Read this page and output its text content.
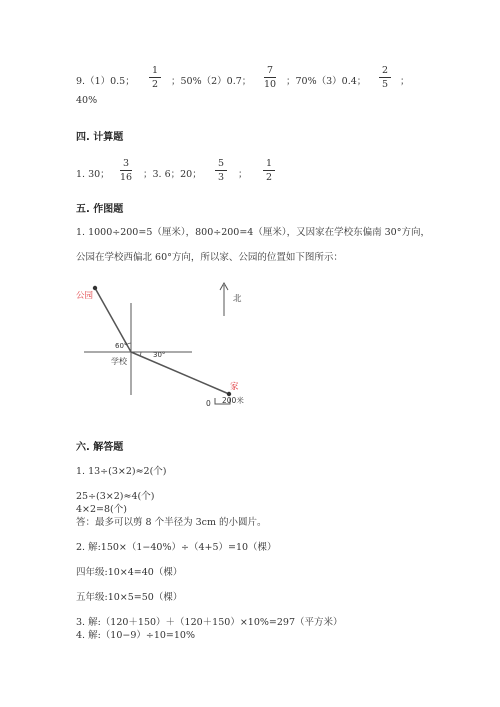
9.（1）0.5；
1
2	；50%（2）0.7；
7
10 ；70%（3）0.4；
2
5	；
40%
四. 计算题
1. 30；
3
16 ；3. 6；20；
5
3	；
1
2
五. 作图题
1. 1000÷200=5（厘米），800÷200=4（厘米），又因家在学校东偏南 30°方向，
公园在学校西偏北 60°方向，所以家、公园的位置如下图所示：
公园	北
60°
30°
学校
家
0 200米
六. 解答题
1. 13÷(3×2)≈2(个)
25÷(3×2)≈4(个)
4×2=8(个)
答：最多可以剪 8 个半径为 3cm 的小圆片。
2. 解:150×（1−40%）÷（4+5）=10（棵）
四年级:10×4=40（棵）
五年级:10×5=50（棵）
3. 解:（120＋150）＋（120＋150）×10%=297（平方米）
4. 解:（10−9）÷10=10%
